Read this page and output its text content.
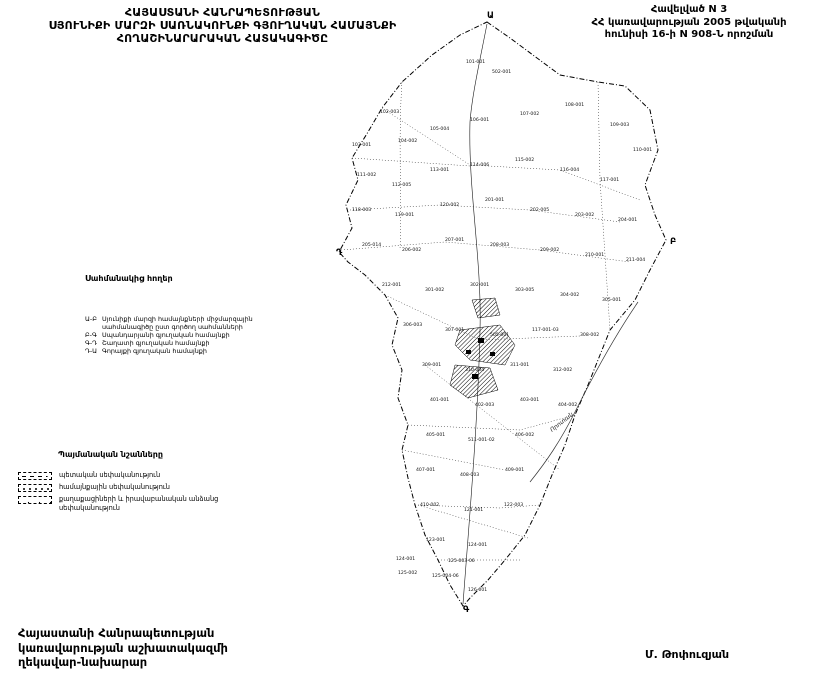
ՀԱՅԱՍՏԱՆԻ ՀԱՆՐԱՊԵՏՈՒԹՅԱՆ
ՍՅՈՒՆԻՔԻ ՄԱՐԶԻ ՍԱՌՆԱԿՈՒՆՔԻ ԳՅՈՒՂԱԿԱՆ ՀԱՄԱՅՆՔԻ
ՀՈՂԱՇԻՆԱՐԱՐԱԿԱՆ ՀԱՏԱԿԱԳԻԾԸ
Հավելված N 3
ՀՀ կառավարության 2005 թվականի
հունիսի 16-ի N 908-Ն որոշման
Սահմանակից հողեր
Ա-Բ Սյունիքի մարզի համայնքների միջմարզային
սահմանագիծը ըստ գործող սահմանների
Բ-Գ Սպանդարյանի գյուղական համայնքի
Գ-Դ Շաղատի գյուղական համայնքի
Դ-Ա Գորայքի գյուղական համայնքի
Պայմանական նշանները
պետական սեփականություն
համայնքային սեփականություն
քաղաքացիների և իրավաբանական անձանց սեփականություն
101-001
502-001
102-003
103-001
104-002
105-004
106-001
107-002
108-001
109-003
110-001
111-002
112-005
113-001
114-006
115-002
116-004
117-001
118-003
119-001
120-002
201-001
202-005
203-002
204-001
205-014
206-002
207-001
208-003
209-002
210-001
211-004
212-001
301-002
302-001
303-005
304-002
305-001
306-003
307-001
505-001
117-001-03
308-002
309-001
310-004
311-001
312-002
401-001
402-003
403-001
404-002
405-001
511-001-02
406-002
407-001
408-003
409-001
410-002
121-001
122-003
123-001
124-001
124-001
125-002
125-003-06
125-004-06
126-001
Ա
Բ
Գ
Դ
Որոտան
Հայաստանի Հանրապետության
կառավարության աշխատակազմի
ղեկավար-նախարար
Մ. Թոփուզյան
